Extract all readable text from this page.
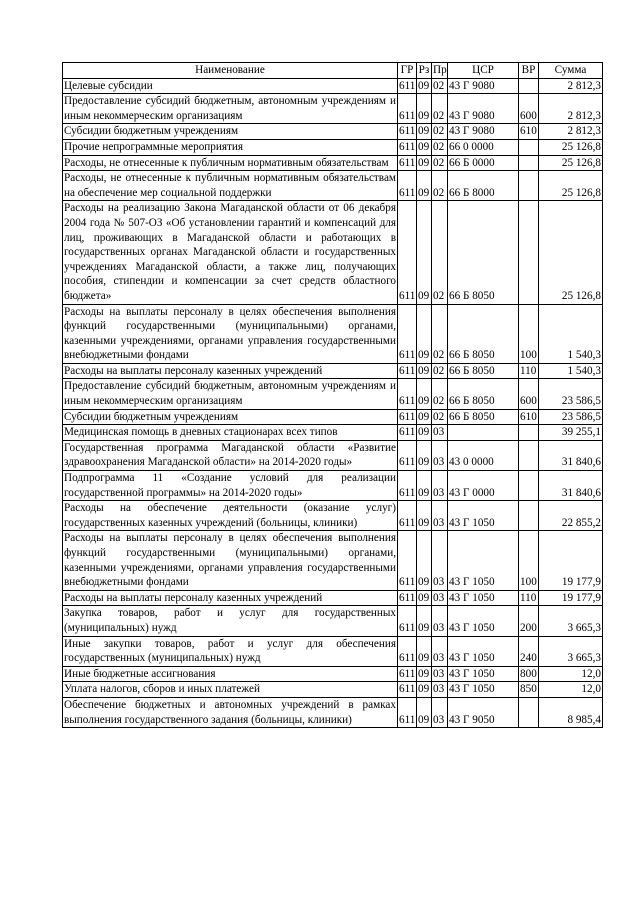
Наименование	ГР	Рз	Пр	ЦСР	ВР	Сумма
Целевые субсидии	611	09	02	43 Г 9080		2 812,3
Предоставление субсидий бюджетным, автономным учреждениям и иным некоммерческим организациям	611	09	02	43 Г 9080	600	2 812,3
Субсидии бюджетным учреждениям	611	09	02	43 Г 9080	610	2 812,3
Прочие непрограммные мероприятия	611	09	02	66 0 0000		25 126,8
Расходы, не отнесенные к публичным нормативным обязательствам	611	09	02	66 Б 0000		25 126,8
Расходы, не отнесенные к публичным нормативным обязательствам на обеспечение мер социальной поддержки	611	09	02	66 Б 8000		25 126,8
Расходы на реализацию Закона Магаданской области от 06 декабря 2004 года № 507-ОЗ «Об установлении гарантий и компенсаций для лиц, проживающих в Магаданской области и работающих в государственных органах Магаданской области и государственных учреждениях Магаданской области, а также лиц, получающих пособия, стипендии и компенсации за счет средств областного бюджета»	611	09	02	66 Б 8050		25 126,8
Расходы на выплаты персоналу в целях обеспечения выполнения функций государственными (муниципальными) органами, казенными учреждениями, органами управления государственными внебюджетными фондами	611	09	02	66 Б 8050	100	1 540,3
Расходы на выплаты персоналу казенных учреждений	611	09	02	66 Б 8050	110	1 540,3
Предоставление субсидий бюджетным, автономным учреждениям и иным некоммерческим организациям	611	09	02	66 Б 8050	600	23 586,5
Субсидии бюджетным учреждениям	611	09	02	66 Б 8050	610	23 586,5
Медицинская помощь в дневных стационарах всех типов	611	09	03			39 255,1
Государственная программа Магаданской области «Развитие здравоохранения Магаданской области» на 2014-2020 годы»	611	09	03	43 0 0000		31 840,6
Подпрограмма 11 «Создание условий для реализации государственной программы» на 2014-2020 годы»	611	09	03	43 Г 0000		31 840,6
Расходы на обеспечение деятельности (оказание услуг) государственных казенных учреждений (больницы, клиники)	611	09	03	43 Г 1050		22 855,2
Расходы на выплаты персоналу в целях обеспечения выполнения функций государственными (муниципальными) органами, казенными учреждениями, органами управления государственными внебюджетными фондами	611	09	03	43 Г 1050	100	19 177,9
Расходы на выплаты персоналу казенных учреждений	611	09	03	43 Г 1050	110	19 177,9
Закупка товаров, работ и услуг для государственных (муниципальных) нужд	611	09	03	43 Г 1050	200	3 665,3
Иные закупки товаров, работ и услуг для обеспечения государственных (муниципальных) нужд	611	09	03	43 Г 1050	240	3 665,3
Иные бюджетные ассигнования	611	09	03	43 Г 1050	800	12,0
Уплата налогов, сборов и иных платежей	611	09	03	43 Г 1050	850	12,0
Обеспечение бюджетных и автономных учреждений в рамках выполнения государственного задания (больницы, клиники)	611	09	03	43 Г 9050		8 985,4
